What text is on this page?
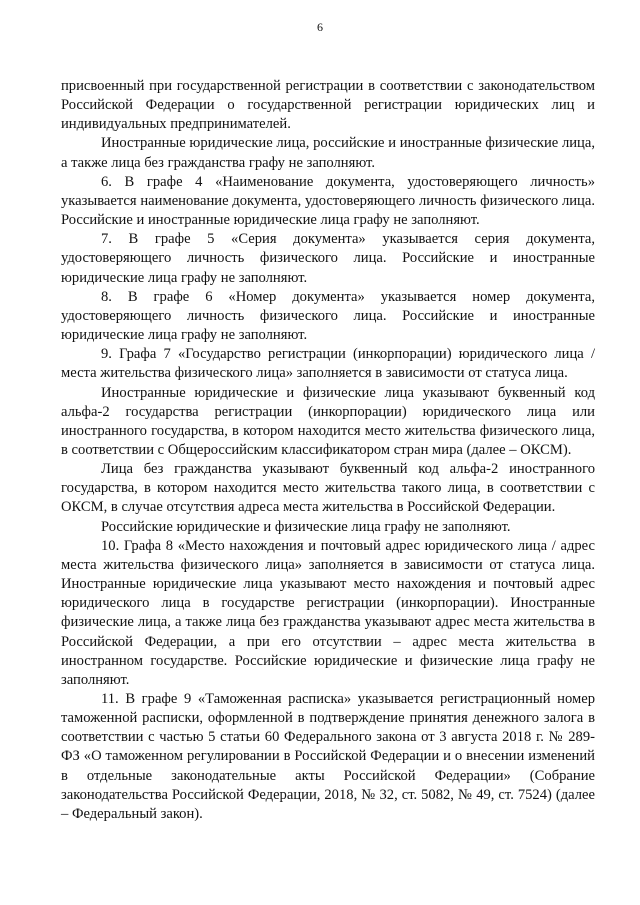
6

присвоенный при государственной регистрации в соответствии с законодательством Российской Федерации о государственной регистрации юридических лиц и индивидуальных предпринимателей.

Иностранные юридические лица, российские и иностранные физические лица, а также лица без гражданства графу не заполняют.

6. В графе 4 «Наименование документа, удостоверяющего личность» указывается наименование документа, удостоверяющего личность физического лица. Российские и иностранные юридические лица графу не заполняют.

7. В графе 5 «Серия документа» указывается серия документа, удостоверяющего личность физического лица. Российские и иностранные юридические лица графу не заполняют.

8. В графе 6 «Номер документа» указывается номер документа, удостоверяющего личность физического лица. Российские и иностранные юридические лица графу не заполняют.

9. Графа 7 «Государство регистрации (инкорпорации) юридического лица / места жительства физического лица» заполняется в зависимости от статуса лица.

Иностранные юридические и физические лица указывают буквенный код альфа-2 государства регистрации (инкорпорации) юридического лица или иностранного государства, в котором находится место жительства физического лица, в соответствии с Общероссийским классификатором стран мира (далее – ОКСМ).

Лица без гражданства указывают буквенный код альфа-2 иностранного государства, в котором находится место жительства такого лица, в соответствии с ОКСМ, в случае отсутствия адреса места жительства в Российской Федерации.

Российские юридические и физические лица графу не заполняют.

10. Графа 8 «Место нахождения и почтовый адрес юридического лица / адрес места жительства физического лица» заполняется в зависимости от статуса лица. Иностранные юридические лица указывают место нахождения и почтовый адрес юридического лица в государстве регистрации (инкорпорации). Иностранные физические лица, а также лица без гражданства указывают адрес места жительства в Российской Федерации, а при его отсутствии – адрес места жительства в иностранном государстве. Российские юридические и физические лица графу не заполняют.

11. В графе 9 «Таможенная расписка» указывается регистрационный номер таможенной расписки, оформленной в подтверждение принятия денежного залога в соответствии с частью 5 статьи 60 Федерального закона от 3 августа 2018 г. № 289-ФЗ «О таможенном регулировании в Российской Федерации и о внесении изменений в отдельные законодательные акты Российской Федерации» (Собрание законодательства Российской Федерации, 2018, № 32, ст. 5082, № 49, ст. 7524) (далее – Федеральный закон).
